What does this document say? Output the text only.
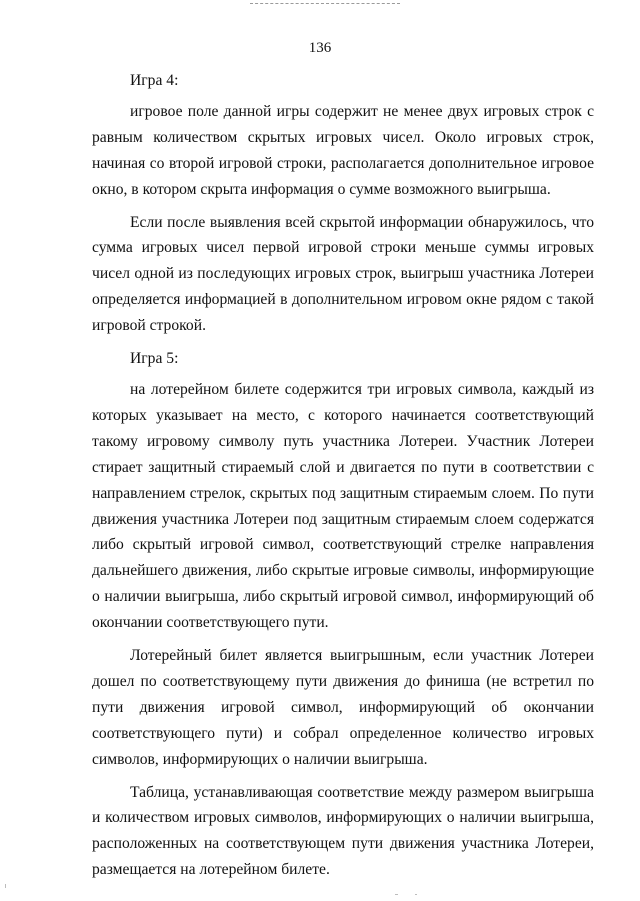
136

Игра 4:

игровое поле данной игры содержит не менее двух игровых строк с равным количеством скрытых игровых чисел. Около игровых строк, начиная со второй игровой строки, располагается дополнительное игровое окно, в котором скрыта информация о сумме возможного выигрыша.

Если после выявления всей скрытой информации обнаружилось, что сумма игровых чисел первой игровой строки меньше суммы игровых чисел одной из последующих игровых строк, выигрыш участника Лотереи определяется информацией в дополнительном игровом окне рядом с такой игровой строкой.

Игра 5:

на лотерейном билете содержится три игровых символа, каждый из которых указывает на место, с которого начинается соответствующий такому игровому символу путь участника Лотереи. Участник Лотереи стирает защитный стираемый слой и двигается по пути в соответствии с направлением стрелок, скрытых под защитным стираемым слоем. По пути движения участника Лотереи под защитным стираемым слоем содержатся либо скрытый игровой символ, соответствующий стрелке направления дальнейшего движения, либо скрытые игровые символы, информирующие о наличии выигрыша, либо скрытый игровой символ, информирующий об окончании соответствующего пути.

Лотерейный билет является выигрышным, если участник Лотереи дошел по соответствующему пути движения до финиша (не встретил по пути движения игровой символ, информирующий об окончании соответствующего пути) и собрал определенное количество игровых символов, информирующих о наличии выигрыша.

Таблица, устанавливающая соответствие между размером выигрыша и количеством игровых символов, информирующих о наличии выигрыша, расположенных на соответствующем пути движения участника Лотереи, размещается на лотерейном билете.
